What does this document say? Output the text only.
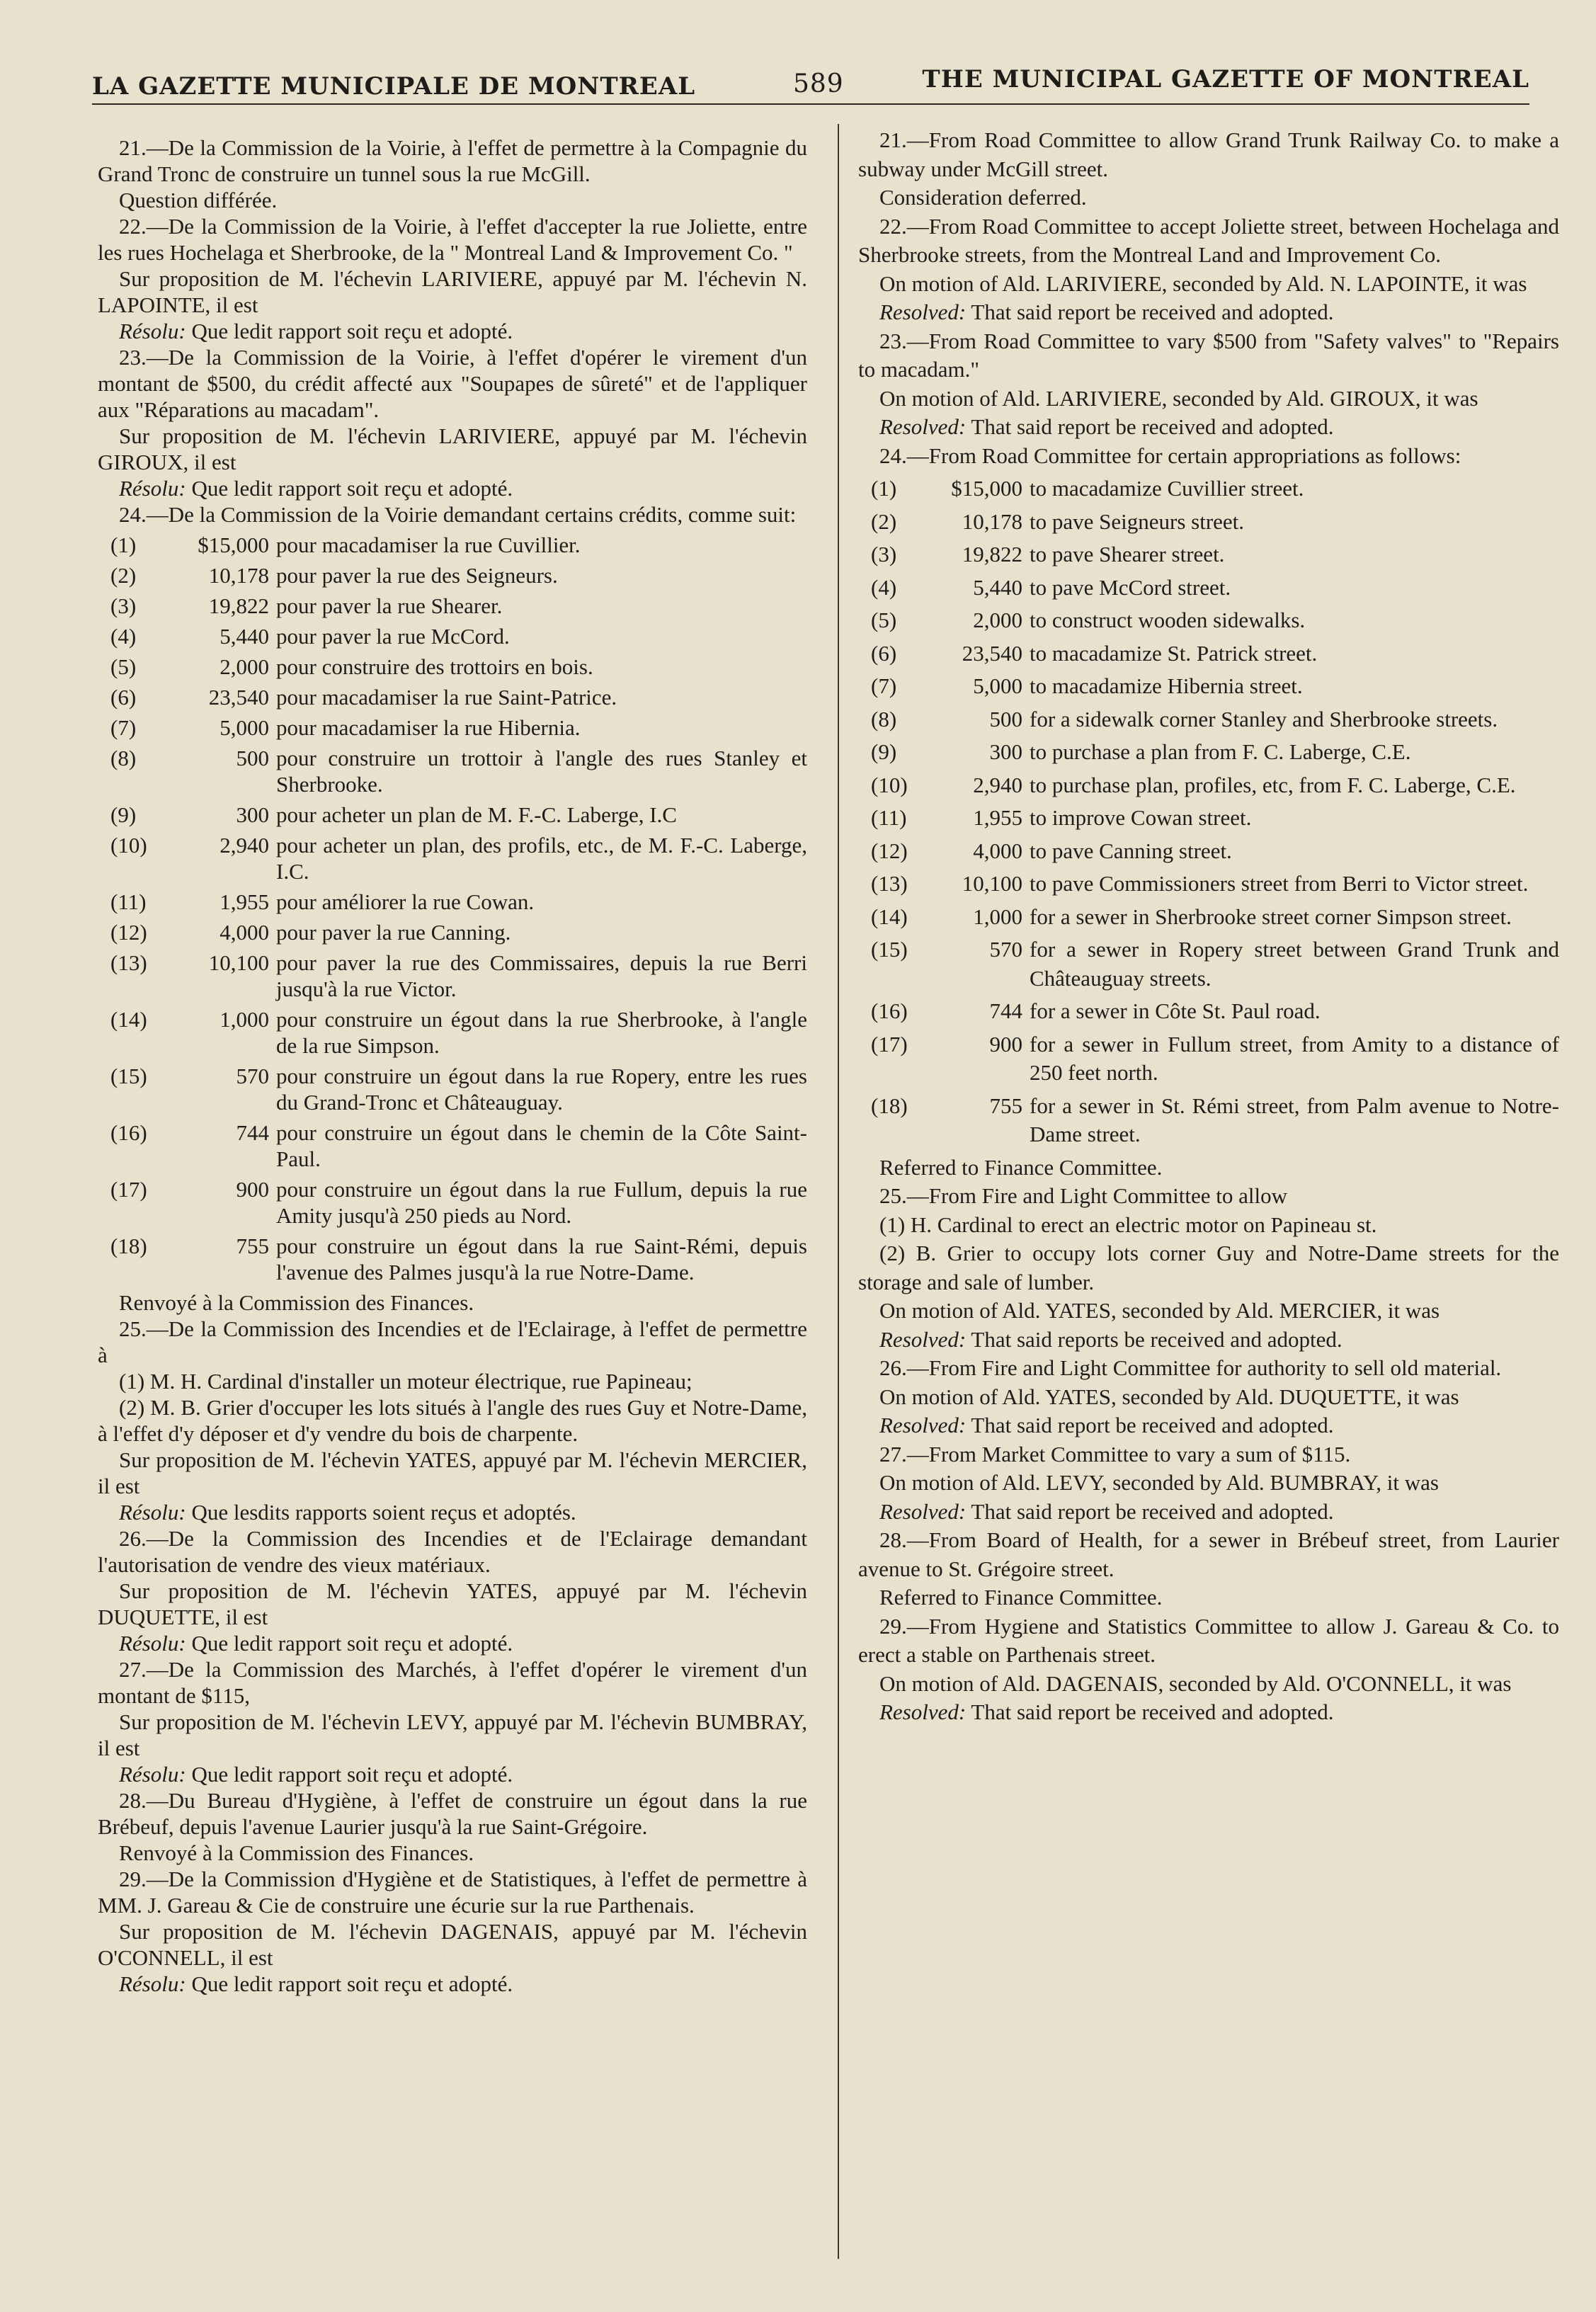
LA GAZETTE MUNICIPALE DE MONTREAL	589	THE MUNICIPAL GAZETTE OF MONTREAL

21.—De la Commission de la Voirie, à l'effet de permettre à la Compagnie du Grand Tronc de construire un tunnel sous la rue McGill.

Question différée.

22.—De la Commission de la Voirie, à l'effet d'accepter la rue Joliette, entre les rues Hochelaga et Sherbrooke, de la " Montreal Land & Improvement Co. "

Sur proposition de M. l'échevin LARIVIERE, appuyé par M. l'échevin N. LAPOINTE, il est

Résolu: Que ledit rapport soit reçu et adopté.

23.—De la Commission de la Voirie, à l'effet d'opérer le virement d'un montant de $500, du crédit affecté aux "Soupapes de sûreté" et de l'appliquer aux "Réparations au macadam".

Sur proposition de M. l'échevin LARIVIERE, appuyé par M. l'échevin GIROUX, il est

Résolu: Que ledit rapport soit reçu et adopté.

24.—De la Commission de la Voirie demandant certains crédits, comme suit:

(1)	$15,000 pour macadamiser la rue Cuvillier.
(2)	10,178 pour paver la rue des Seigneurs.
(3)	19,822 pour paver la rue Shearer.
(4)	5,440 pour paver la rue McCord.
(5)	2,000 pour construire des trottoirs en bois.
(6)	23,540 pour macadamiser la rue Saint-Patrice.
(7)	5,000 pour macadamiser la rue Hibernia.
(8)	500 pour construire un trottoir à l'angle des rues Stanley et Sherbrooke.
(9)	300 pour acheter un plan de M. F.-C. Laberge, I.C
(10)	2,940 pour acheter un plan, des profils, etc., de M. F.-C. Laberge, I.C.
(11)	1,955 pour améliorer la rue Cowan.
(12)	4,000 pour paver la rue Canning.
(13)	10,100 pour paver la rue des Commissaires, depuis la rue Berri jusqu'à la rue Victor.
(14)	1,000 pour construire un égout dans la rue Sherbrooke, à l'angle de la rue Simpson.
(15)	570 pour construire un égout dans la rue Ropery, entre les rues du Grand-Tronc et Châteauguay.
(16)	744 pour construire un égout dans le chemin de la Côte Saint-Paul.
(17)	900 pour construire un égout dans la rue Fullum, depuis la rue Amity jusqu'à 250 pieds au Nord.
(18)	755 pour construire un égout dans la rue Saint-Rémi, depuis l'avenue des Palmes jusqu'à la rue Notre-Dame.

Renvoyé à la Commission des Finances.

25.—De la Commission des Incendies et de l'Eclairage, à l'effet de permettre à

(1) M. H. Cardinal d'installer un moteur électrique, rue Papineau;

(2) M. B. Grier d'occuper les lots situés à l'angle des rues Guy et Notre-Dame, à l'effet d'y déposer et d'y vendre du bois de charpente.

Sur proposition de M. l'échevin YATES, appuyé par M. l'échevin MERCIER, il est

Résolu: Que lesdits rapports soient reçus et adoptés.

26.—De la Commission des Incendies et de l'Eclairage demandant l'autorisation de vendre des vieux matériaux.

Sur proposition de M. l'échevin YATES, appuyé par M. l'échevin DUQUETTE, il est

Résolu: Que ledit rapport soit reçu et adopté.

27.—De la Commission des Marchés, à l'effet d'opérer le virement d'un montant de $115,

Sur proposition de M. l'échevin LEVY, appuyé par M. l'échevin BUMBRAY, il est

Résolu: Que ledit rapport soit reçu et adopté.

28.—Du Bureau d'Hygiène, à l'effet de construire un égout dans la rue Brébeuf, depuis l'avenue Laurier jusqu'à la rue Saint-Grégoire.

Renvoyé à la Commission des Finances.

29.—De la Commission d'Hygiène et de Statistiques, à l'effet de permettre à MM. J. Gareau & Cie de construire une écurie sur la rue Parthenais.

Sur proposition de M. l'échevin DAGENAIS, appuyé par M. l'échevin O'CONNELL, il est

Résolu: Que ledit rapport soit reçu et adopté.

21.—From Road Committee to allow Grand Trunk Railway Co. to make a subway under McGill street.

Consideration deferred.

22.—From Road Committee to accept Joliette street, between Hochelaga and Sherbrooke streets, from the Montreal Land and Improvement Co.

On motion of Ald. LARIVIERE, seconded by Ald. N. LAPOINTE, it was

Resolved: That said report be received and adopted.

23.—From Road Committee to vary $500 from "Safety valves" to "Repairs to macadam."

On motion of Ald. LARIVIERE, seconded by Ald. GIROUX, it was

Resolved: That said report be received and adopted.

24.—From Road Committee for certain appropriations as follows:

(1)	$15,000 to macadamize Cuvillier street.
(2)	10,178 to pave Seigneurs street.
(3)	19,822 to pave Shearer street.
(4)	5,440 to pave McCord street.
(5)	2,000 to construct wooden sidewalks.
(6)	23,540 to macadamize St. Patrick street.
(7)	5,000 to macadamize Hibernia street.
(8)	500 for a sidewalk corner Stanley and Sherbrooke streets.
(9)	300 to purchase a plan from F. C. Laberge, C.E.
(10)	2,940 to purchase plan, profiles, etc, from F. C. Laberge, C.E.
(11)	1,955 to improve Cowan street.
(12)	4,000 to pave Canning street.
(13)	10,100 to pave Commissioners street from Berri to Victor street.
(14)	1,000 for a sewer in Sherbrooke street corner Simpson street.
(15)	570 for a sewer in Ropery street between Grand Trunk and Châteauguay streets.
(16)	744 for a sewer in Côte St. Paul road.
(17)	900 for a sewer in Fullum street, from Amity to a distance of 250 feet north.
(18)	755 for a sewer in St. Rémi street, from Palm avenue to Notre-Dame street.

Referred to Finance Committee.

25.—From Fire and Light Committee to allow

(1) H. Cardinal to erect an electric motor on Papineau st.

(2) B. Grier to occupy lots corner Guy and Notre-Dame streets for the storage and sale of lumber.

On motion of Ald. YATES, seconded by Ald. MERCIER, it was

Resolved: That said reports be received and adopted.

26.—From Fire and Light Committee for authority to sell old material.

On motion of Ald. YATES, seconded by Ald. DUQUETTE, it was

Resolved: That said report be received and adopted.

27.—From Market Committee to vary a sum of $115.

On motion of Ald. LEVY, seconded by Ald. BUMBRAY, it was

Resolved: That said report be received and adopted.

28.—From Board of Health, for a sewer in Brébeuf street, from Laurier avenue to St. Grégoire street.

Referred to Finance Committee.

29.—From Hygiene and Statistics Committee to allow J. Gareau & Co. to erect a stable on Parthenais street.

On motion of Ald. DAGENAIS, seconded by Ald. O'CONNELL, it was

Resolved: That said report be received and adopted.
